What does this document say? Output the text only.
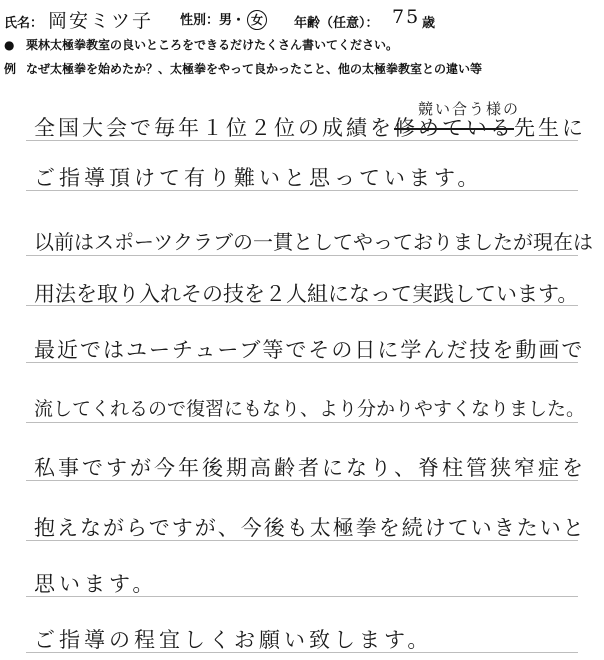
氏名： 岡安ミツ子 性別：男・ 女	年齢（任意）： 75 歳
● 栗林太極拳教室の良いところをできるだけたくさん書いてください。
例 なぜ太極拳を始めたか？、太極拳をやって良かったこと、他の太極拳教室との違い等
競い合う様の
全国大会で毎年１位２位の成績を修めている先生に
ご指導頂けて有り難いと思っています。
以前はスポーツクラブの一貫としてやっておりましたが現在は
用法を取り入れその技を２人組になって実践しています。
最近ではユーチューブ等でその日に学んだ技を動画で
流してくれるので復習にもなり、より分かりやすくなりました。
私事ですが今年後期高齢者になり、脊柱管狭窄症を
抱えながらですが、今後も太極拳を続けていきたいと
思います。
ご指導の程宜しくお願い致します。
